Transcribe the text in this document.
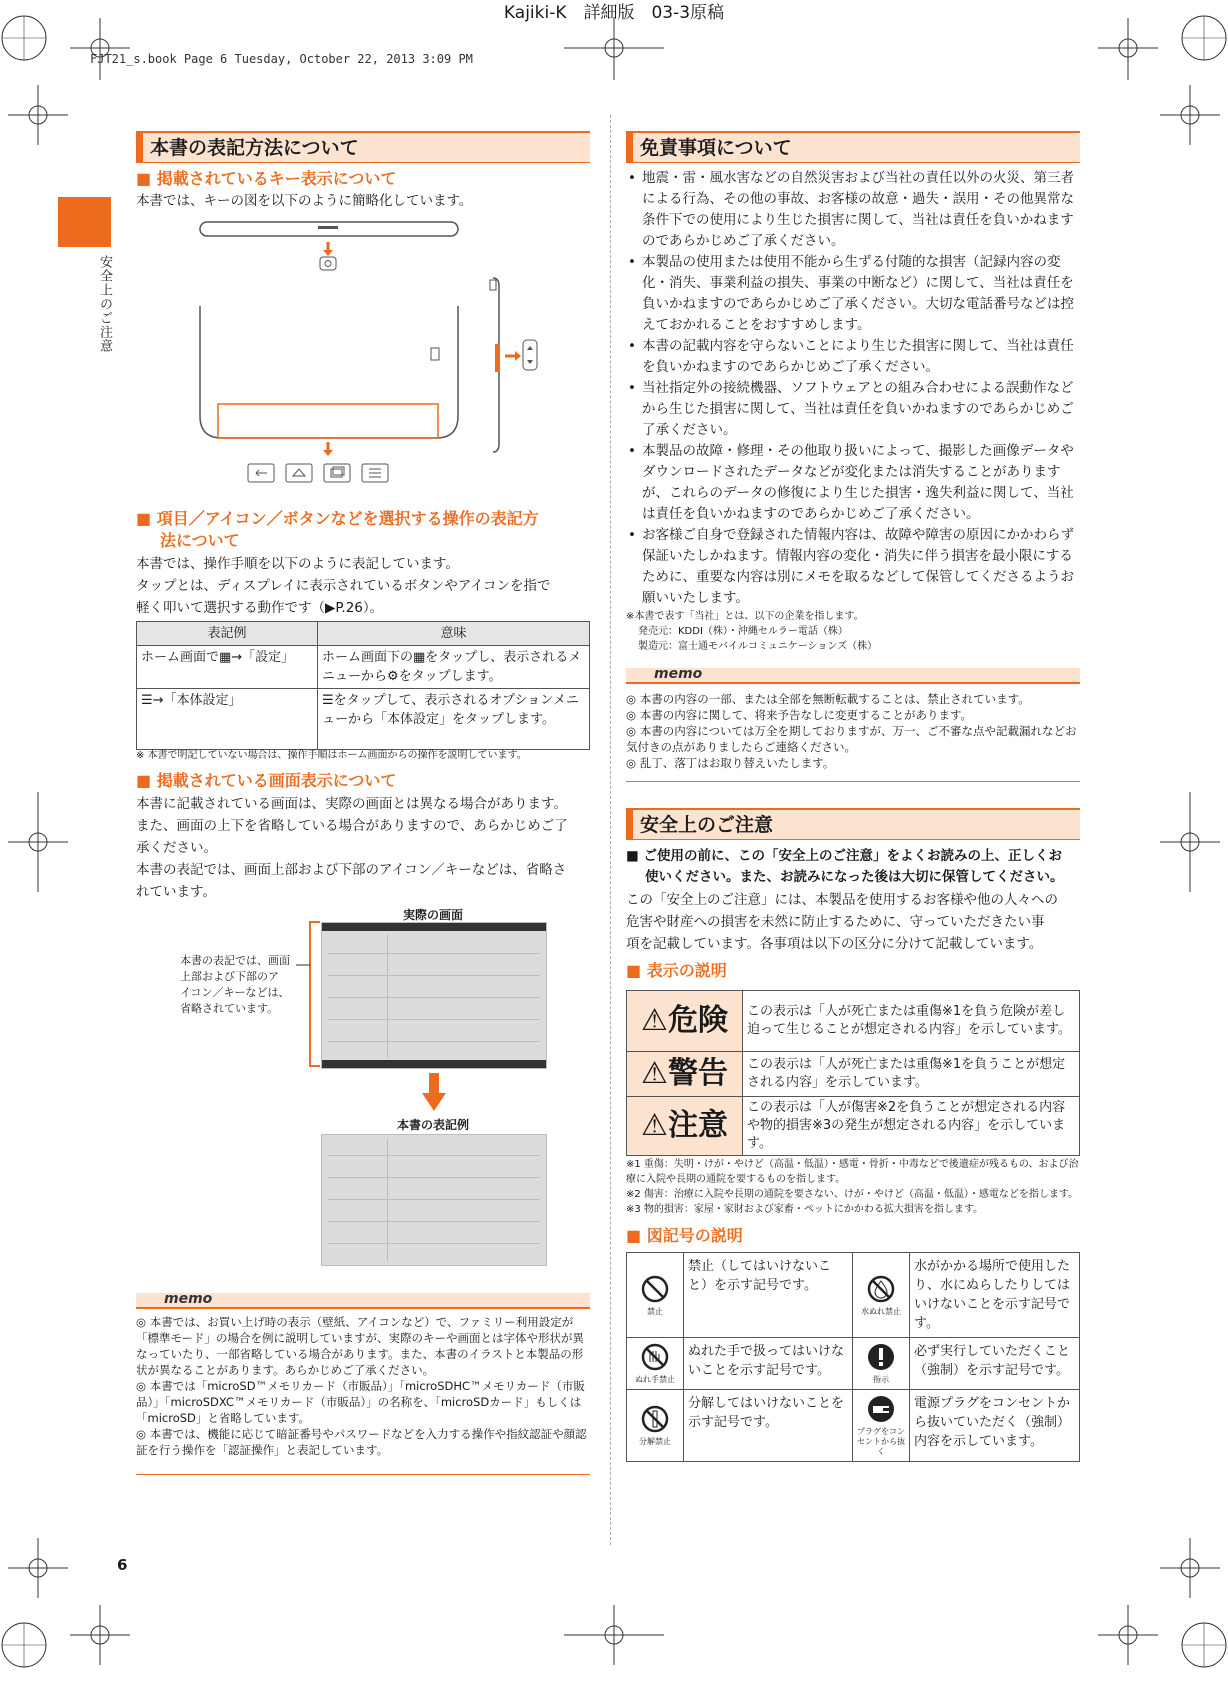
Kajiki-K　詳細版　03-3原稿
FJT21_s.book Page 6 Tuesday, October 22, 2013 3:09 PM
安全上のご注意
6
本書の表記方法について
■ 掲載されているキー表示について
本書では、キーの図を以下のように簡略化しています。
■ 項目／アイコン／ボタンなどを選択する操作の表記方
法について
本書では、操作手順を以下のように表記しています。
タップとは、ディスプレイに表示されているボタンやアイコンを指で
軽く叩いて選択する動作です（▶P.26）。
表記例	意味
ホーム画面で▦→「設定」	ホーム画面下の▦をタップし、表示されるメニューから⚙をタップします。
☰→「本体設定」	☰をタップして、表示されるオプションメニューから「本体設定」をタップします。
※ 本書で明記していない場合は、操作手順はホーム画面からの操作を説明しています。
■ 掲載されている画面表示について
本書に記載されている画面は、実際の画面とは異なる場合があります。
また、画面の上下を省略している場合がありますので、あらかじめご了
承ください。
本書の表記では、画面上部および下部のアイコン／キーなどは、省略さ
れています。
実際の画面
本書の表記では、画面
上部および下部のア
イコン／キーなどは、
省略されています。
本書の表記例
memo
◎ 本書では、お買い上げ時の表示（壁紙、アイコンなど）で、ファミリー利用設定が「標準モード」の場合を例に説明していますが、実際のキーや画面とは字体や形状が異なっていたり、一部省略している場合があります。また、本書のイラストと本製品の形状が異なることがあります。あらかじめご了承ください。
◎ 本書では「microSD™メモリカード（市販品）」「microSDHC™メモリカード（市販品）」「microSDXC™メモリカード（市販品）」の名称を、「microSDカード」もしくは「microSD」と省略しています。
◎ 本書では、機能に応じて暗証番号やパスワードなどを入力する操作や指紋認証や顔認証を行う操作を「認証操作」と表記しています。
免責事項について
• 地震・雷・風水害などの自然災害および当社の責任以外の火災、第三者による行為、その他の事故、お客様の故意・過失・誤用・その他異常な条件下での使用により生じた損害に関して、当社は責任を負いかねますのであらかじめご了承ください。
• 本製品の使用または使用不能から生ずる付随的な損害（記録内容の変化・消失、事業利益の損失、事業の中断など）に関して、当社は責任を負いかねますのであらかじめご了承ください。大切な電話番号などは控えておかれることをおすすめします。
• 本書の記載内容を守らないことにより生じた損害に関して、当社は責任を負いかねますのであらかじめご了承ください。
• 当社指定外の接続機器、ソフトウェアとの組み合わせによる誤動作などから生じた損害に関して、当社は責任を負いかねますのであらかじめご了承ください。
• 本製品の故障・修理・その他取り扱いによって、撮影した画像データやダウンロードされたデータなどが変化または消失することがありますが、これらのデータの修復により生じた損害・逸失利益に関して、当社は責任を負いかねますのであらかじめご了承ください。
• お客様ご自身で登録された情報内容は、故障や障害の原因にかかわらず保証いたしかねます。情報内容の変化・消失に伴う損害を最小限にするために、重要な内容は別にメモを取るなどして保管してくださるようお願いいたします。
※本書で表す「当社」とは、以下の企業を指します。
発売元：KDDI（株）・沖縄セルラー電話（株）
製造元：富士通モバイルコミュニケーションズ（株）
memo
◎ 本書の内容の一部、または全部を無断転載することは、禁止されています。
◎ 本書の内容に関して、将来予告なしに変更することがあります。
◎ 本書の内容については万全を期しておりますが、万一、ご不審な点や記載漏れなどお気付きの点がありましたらご連絡ください。
◎ 乱丁、落丁はお取り替えいたします。
安全上のご注意
■ ご使用の前に、この「安全上のご注意」をよくお読みの上、正しくお
使いください。また、お読みになった後は大切に保管してください。
この「安全上のご注意」には、本製品を使用するお客様や他の人々への
危害や財産への損害を未然に防止するために、守っていただきたい事
項を記載しています。各事項は以下の区分に分けて記載しています。
■ 表示の説明
⚠危険	この表示は「人が死亡または重傷※1を負う危険が差し迫って生じることが想定される内容」を示しています。
⚠警告	この表示は「人が死亡または重傷※1を負うことが想定される内容」を示しています。
⚠注意	この表示は「人が傷害※2を負うことが想定される内容や物的損害※3の発生が想定される内容」を示しています。
※1 重傷：失明・けが・やけど（高温・低温）・感電・骨折・中毒などで後遺症が残るもの、および治療に入院や長期の通院を要するものを指します。
※2 傷害：治療に入院や長期の通院を要さない、けが・やけど（高温・低温）・感電などを指します。
※3 物的損害：家屋・家財および家畜・ペットにかかわる拡大損害を指します。
■ 図記号の説明
禁止	禁止（してはいけないこと）を示す記号です。	水ぬれ禁止	水がかかる場所で使用したり、水にぬらしたりしてはいけないことを示す記号です。

ぬれ手禁止	ぬれた手で扱ってはいけないことを示す記号です。	指示	必ず実行していただくこと（強制）を示す記号です。

分解禁止	分解してはいけないことを示す記号です。	プラグをコンセントから抜く	電源プラグをコンセントから抜いていただく（強制）内容を示しています。
